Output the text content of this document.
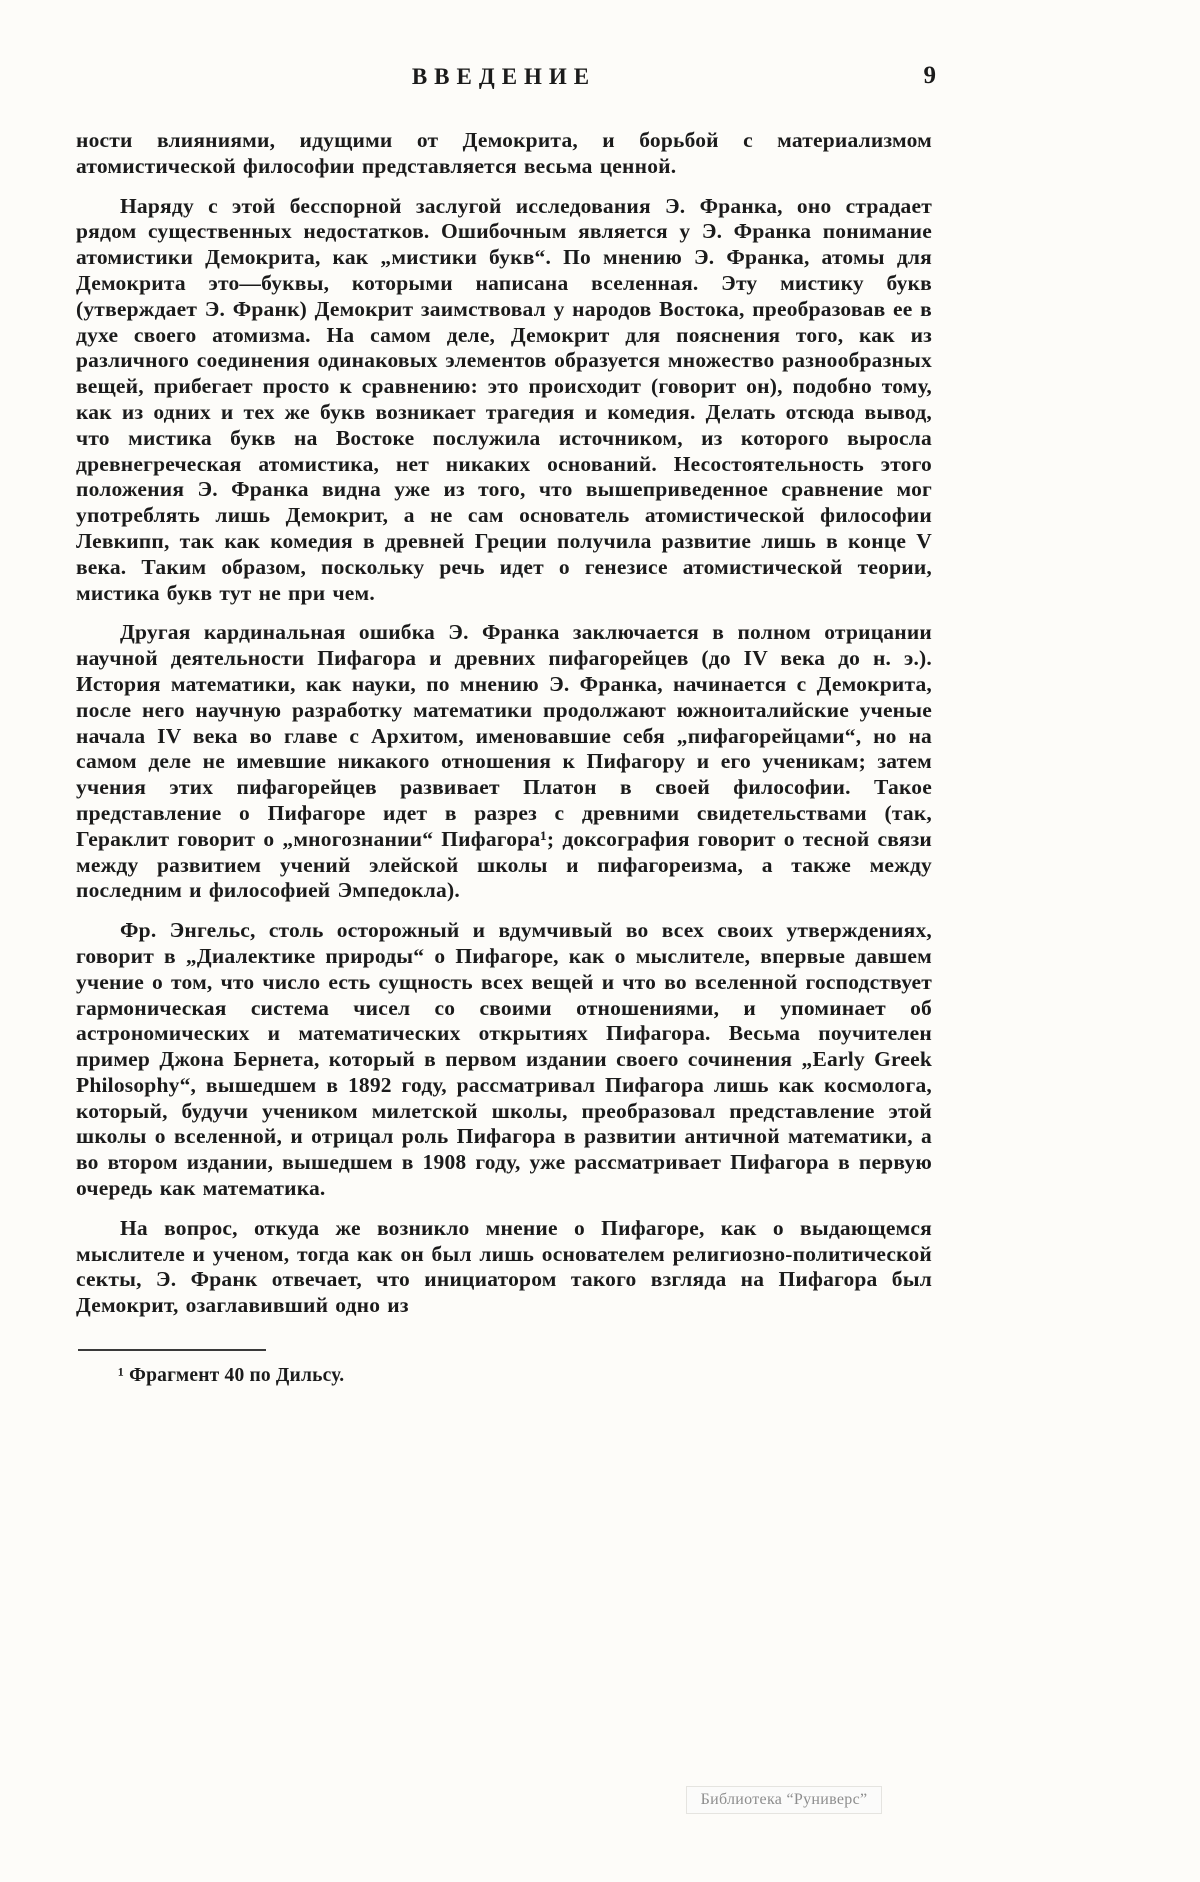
ВВЕДЕНИЕ	9

ности влияниями, идущими от Демокрита, и борьбой с материализмом атомистической философии представляется весьма ценной.

Наряду с этой бесспорной заслугой исследования Э. Франка, оно страдает рядом существенных недостатков. Ошибочным является у Э. Франка понимание атомистики Демокрита, как „мистики букв“. По мнению Э. Франка, атомы для Демокрита это—буквы, которыми написана вселенная. Эту мистику букв (утверждает Э. Франк) Демокрит заимствовал у народов Востока, преобразовав ее в духе своего атомизма. На самом деле, Демокрит для пояснения того, как из различного соединения одинаковых элементов образуется множество разнообразных вещей, прибегает просто к сравнению: это происходит (говорит он), подобно тому, как из одних и тех же букв возникает трагедия и комедия. Делать отсюда вывод, что мистика букв на Востоке послужила источником, из которого выросла древнегреческая атомистика, нет никаких оснований. Несостоятельность этого положения Э. Франка видна уже из того, что вышеприведенное сравнение мог употреблять лишь Демокрит, а не сам основатель атомистической философии Левкипп, так как комедия в древней Греции получила развитие лишь в конце V века. Таким образом, поскольку речь идет о генезисе атомистической теории, мистика букв тут не при чем.

Другая кардинальная ошибка Э. Франка заключается в полном отрицании научной деятельности Пифагора и древних пифагорейцев (до IV века до н. э.). История математики, как науки, по мнению Э. Франка, начинается с Демокрита, после него научную разработку математики продолжают южноиталийские ученые начала IV века во главе с Архитом, именовавшие себя „пифагорейцами“, но на самом деле не имевшие никакого отношения к Пифагору и его ученикам; затем учения этих пифагорейцев развивает Платон в своей философии. Такое представление о Пифагоре идет в разрез с древними свидетельствами (так, Гераклит говорит о „многознании“ Пифагора¹; доксография говорит о тесной связи между развитием учений элейской школы и пифагореизма, а также между последним и философией Эмпедокла).

Фр. Энгельс, столь осторожный и вдумчивый во всех своих утверждениях, говорит в „Диалектике природы“ о Пифагоре, как о мыслителе, впервые давшем учение о том, что число есть сущность всех вещей и что во вселенной господствует гармоническая система чисел со своими отношениями, и упоминает об астрономических и математических открытиях Пифагора. Весьма поучителен пример Джона Бернета, который в первом издании своего сочинения „Early Greek Philosophy“, вышедшем в 1892 году, рассматривал Пифагора лишь как космолога, который, будучи учеником милетской школы, преобразовал представление этой школы о вселенной, и отрицал роль Пифагора в развитии античной математики, а во втором издании, вышедшем в 1908 году, уже рассматривает Пифагора в первую очередь как математика.

На вопрос, откуда же возникло мнение о Пифагоре, как о выдающемся мыслителе и ученом, тогда как он был лишь основателем религиозно-политической секты, Э. Франк отвечает, что инициатором такого взгляда на Пифагора был Демокрит, озаглавивший одно из

¹ Фрагмент 40 по Дильсу.
Библиотека “Руниверс”
